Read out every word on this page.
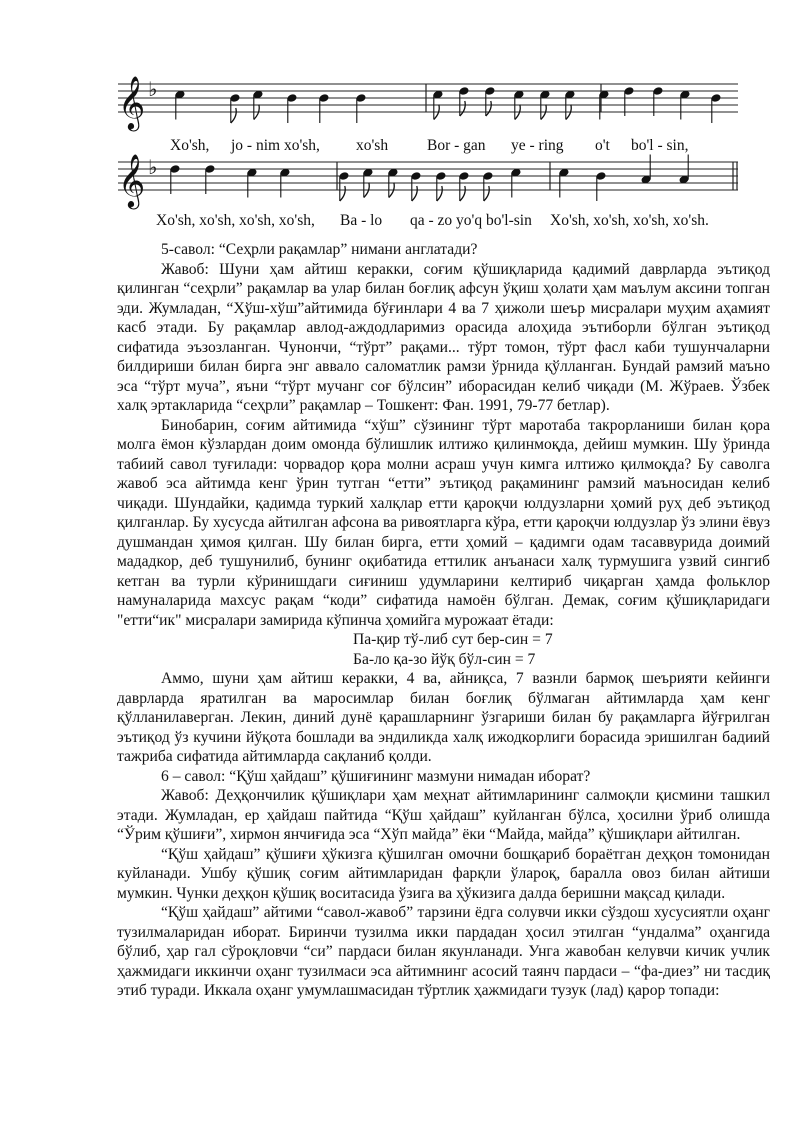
𝄞 ♭
Xo'sh, jo - nim xo'sh, xo'sh	Bor - gan ye - ring o't bo'l - sin,
𝄞 ♭
Xo'sh, xo'sh, xo'sh, xo'sh, Ba - lo qa - zo yo'q bo'l-sin Xo'sh, xo'sh, xo'sh, xo'sh.

5-савол: “Сеҳрли рақамлар” нимани англатади?

Жавоб: Шуни ҳам айтиш керакки, соғим қўшиқларида қадимий даврларда эътиқод қилинган “сеҳрли” рақамлар ва улар билан боғлиқ афсун ўқиш ҳолати ҳам маълум аксини топган эди. Жумладан, “Хўш-хўш”айтимида бўғинлари 4 ва 7 ҳижоли шеър мисралари муҳим аҳамият касб этади. Бу рақамлар авлод-аждодларимиз орасида алоҳида эътиборли бўлган эътиқод сифатида эъзозланган. Чунончи, “тўрт” рақами... тўрт томон, тўрт фасл каби тушунчаларни билдириши билан бирга энг аввало саломатлик рамзи ўрнида қўлланган. Бундай рамзий маъно эса “тўрт муча”, яъни “тўрт мучанг соғ бўлсин” иборасидан келиб чиқади (М. Жўраев. Ўзбек халқ эртакларида “сеҳрли” рақамлар – Тошкент: Фан. 1991, 79-77 бетлар).

Бинобарин, соғим айтимида “хўш” сўзининг тўрт маротаба такрорланиши билан қора молга ёмон кўзлардан доим омонда бўлишлик илтижо қилинмоқда, дейиш мумкин. Шу ўринда табиий савол туғилади: чорвадор қора молни асраш учун кимга илтижо қилмоқда? Бу саволга жавоб эса айтимда кенг ўрин тутган “етти” эътиқод рақамининг рамзий маъносидан келиб чиқади. Шундайки, қадимда туркий халқлар етти қароқчи юлдузларни ҳомий руҳ деб эътиқод қилганлар. Бу хусусда айтилган афсона ва ривоятларга кўра, етти қароқчи юлдузлар ўз элини ёвуз душмандан ҳимоя қилган. Шу билан бирга, етти ҳомий – қадимги одам тасаввурида доимий мададкор, деб тушунилиб, бунинг оқибатида еттилик анъанаси халқ турмушига узвий сингиб кетган ва турли кўринишдаги сиғиниш удумларини келтириб чиқарган ҳамда фольклор намуналарида махсус рақам “коди” сифатида намоён бўлган. Демак, соғим қўшиқларидаги "етти“ик" мисралари замирида кўпинча ҳомийга мурожаат ётади:

Па-қир тў-либ сут бер-син = 7

Ба-ло қа-зо йўқ бўл-син = 7

Аммо, шуни ҳам айтиш керакки, 4 ва, айниқса, 7 вазнли бармоқ шеърияти кейинги даврларда яратилган ва маросимлар билан боғлиқ бўлмаган айтимларда ҳам кенг қўлланилаверган. Лекин, диний дунё қарашларнинг ўзгариши билан бу рақамларга йўғрилган эътиқод ўз кучини йўқота бошлади ва эндиликда халқ ижодкорлиги борасида эришилган бадиий тажриба сифатида айтимларда сақланиб қолди.

6 – савол: “Қўш ҳайдаш” қўшиғининг мазмуни нимадан иборат?

Жавоб: Деҳқончилик қўшиқлари ҳам меҳнат айтимларининг салмоқли қисмини ташкил этади. Жумладан, ер ҳайдаш пайтида “Қўш ҳайдаш” куйланган бўлса, ҳосилни ўриб олишда “Ўрим қўшиғи”, хирмон янчиғида эса “Хўп майда” ёки “Майда, майда” қўшиқлари айтилган.

“Қўш ҳайдаш” қўшиғи ҳўкизга қўшилган омочни бошқариб бораётган деҳқон томонидан куйланади. Ушбу қўшиқ соғим айтимларидан фарқли ўлароқ, баралла овоз билан айтиши мумкин. Чунки деҳқон қўшиқ воситасида ўзига ва ҳўкизига далда беришни мақсад қилади.

“Қўш ҳайдаш” айтими “савол-жавоб” тарзини ёдга солувчи икки сўздош хусусиятли оҳанг тузилмаларидан иборат. Биринчи тузилма икки пардадан ҳосил этилган “ундалма” оҳангида бўлиб, ҳар гал сўроқловчи “си” пардаси билан якунланади. Унга жавобан келувчи кичик учлик ҳажмидаги иккинчи оҳанг тузилмаси эса айтимнинг асосий таянч пардаси – “фа-диез” ни тасдиқ этиб туради. Иккала оҳанг умумлашмасидан тўртлик ҳажмидаги тузук (лад) қарор топади:
